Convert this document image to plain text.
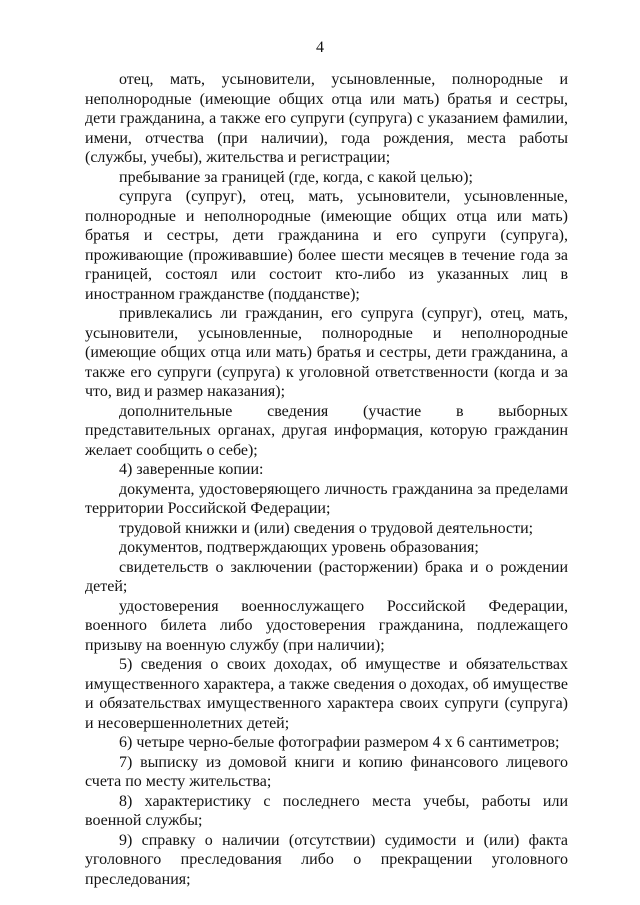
4

отец, мать, усыновители, усыновленные, полнородные и неполнородные (имеющие общих отца или мать) братья и сестры, дети гражданина, а также его супруги (супруга) с указанием фамилии, имени, отчества (при наличии), года рождения, места работы (службы, учебы), жительства и регистрации;

пребывание за границей (где, когда, с какой целью);

супруга (супруг), отец, мать, усыновители, усыновленные, полнородные и неполнородные (имеющие общих отца или мать) братья и сестры, дети гражданина и его супруги (супруга), проживающие (проживавшие) более шести месяцев в течение года за границей, состоял или состоит кто-либо из указанных лиц в иностранном гражданстве (подданстве);

привлекались ли гражданин, его супруга (супруг), отец, мать, усыновители, усыновленные, полнородные и неполнородные (имеющие общих отца или мать) братья и сестры, дети гражданина, а также его супруги (супруга) к уголовной ответственности (когда и за что, вид и размер наказания);

дополнительные сведения (участие в выборных представительных органах, другая информация, которую гражданин желает сообщить о себе);

4) заверенные копии:

документа, удостоверяющего личность гражданина за пределами территории Российской Федерации;

трудовой книжки и (или) сведения о трудовой деятельности;

документов, подтверждающих уровень образования;

свидетельств о заключении (расторжении) брака и о рождении детей;

удостоверения военнослужащего Российской Федерации, военного билета либо удостоверения гражданина, подлежащего призыву на военную службу (при наличии);

5) сведения о своих доходах, об имуществе и обязательствах имущественного характера, а также сведения о доходах, об имуществе и обязательствах имущественного характера своих супруги (супруга) и несовершеннолетних детей;

6) четыре черно-белые фотографии размером 4 х 6 сантиметров;

7) выписку из домовой книги и копию финансового лицевого счета по месту жительства;

8) характеристику с последнего места учебы, работы или военной службы;

9) справку о наличии (отсутствии) судимости и (или) факта уголовного преследования либо о прекращении уголовного преследования;
